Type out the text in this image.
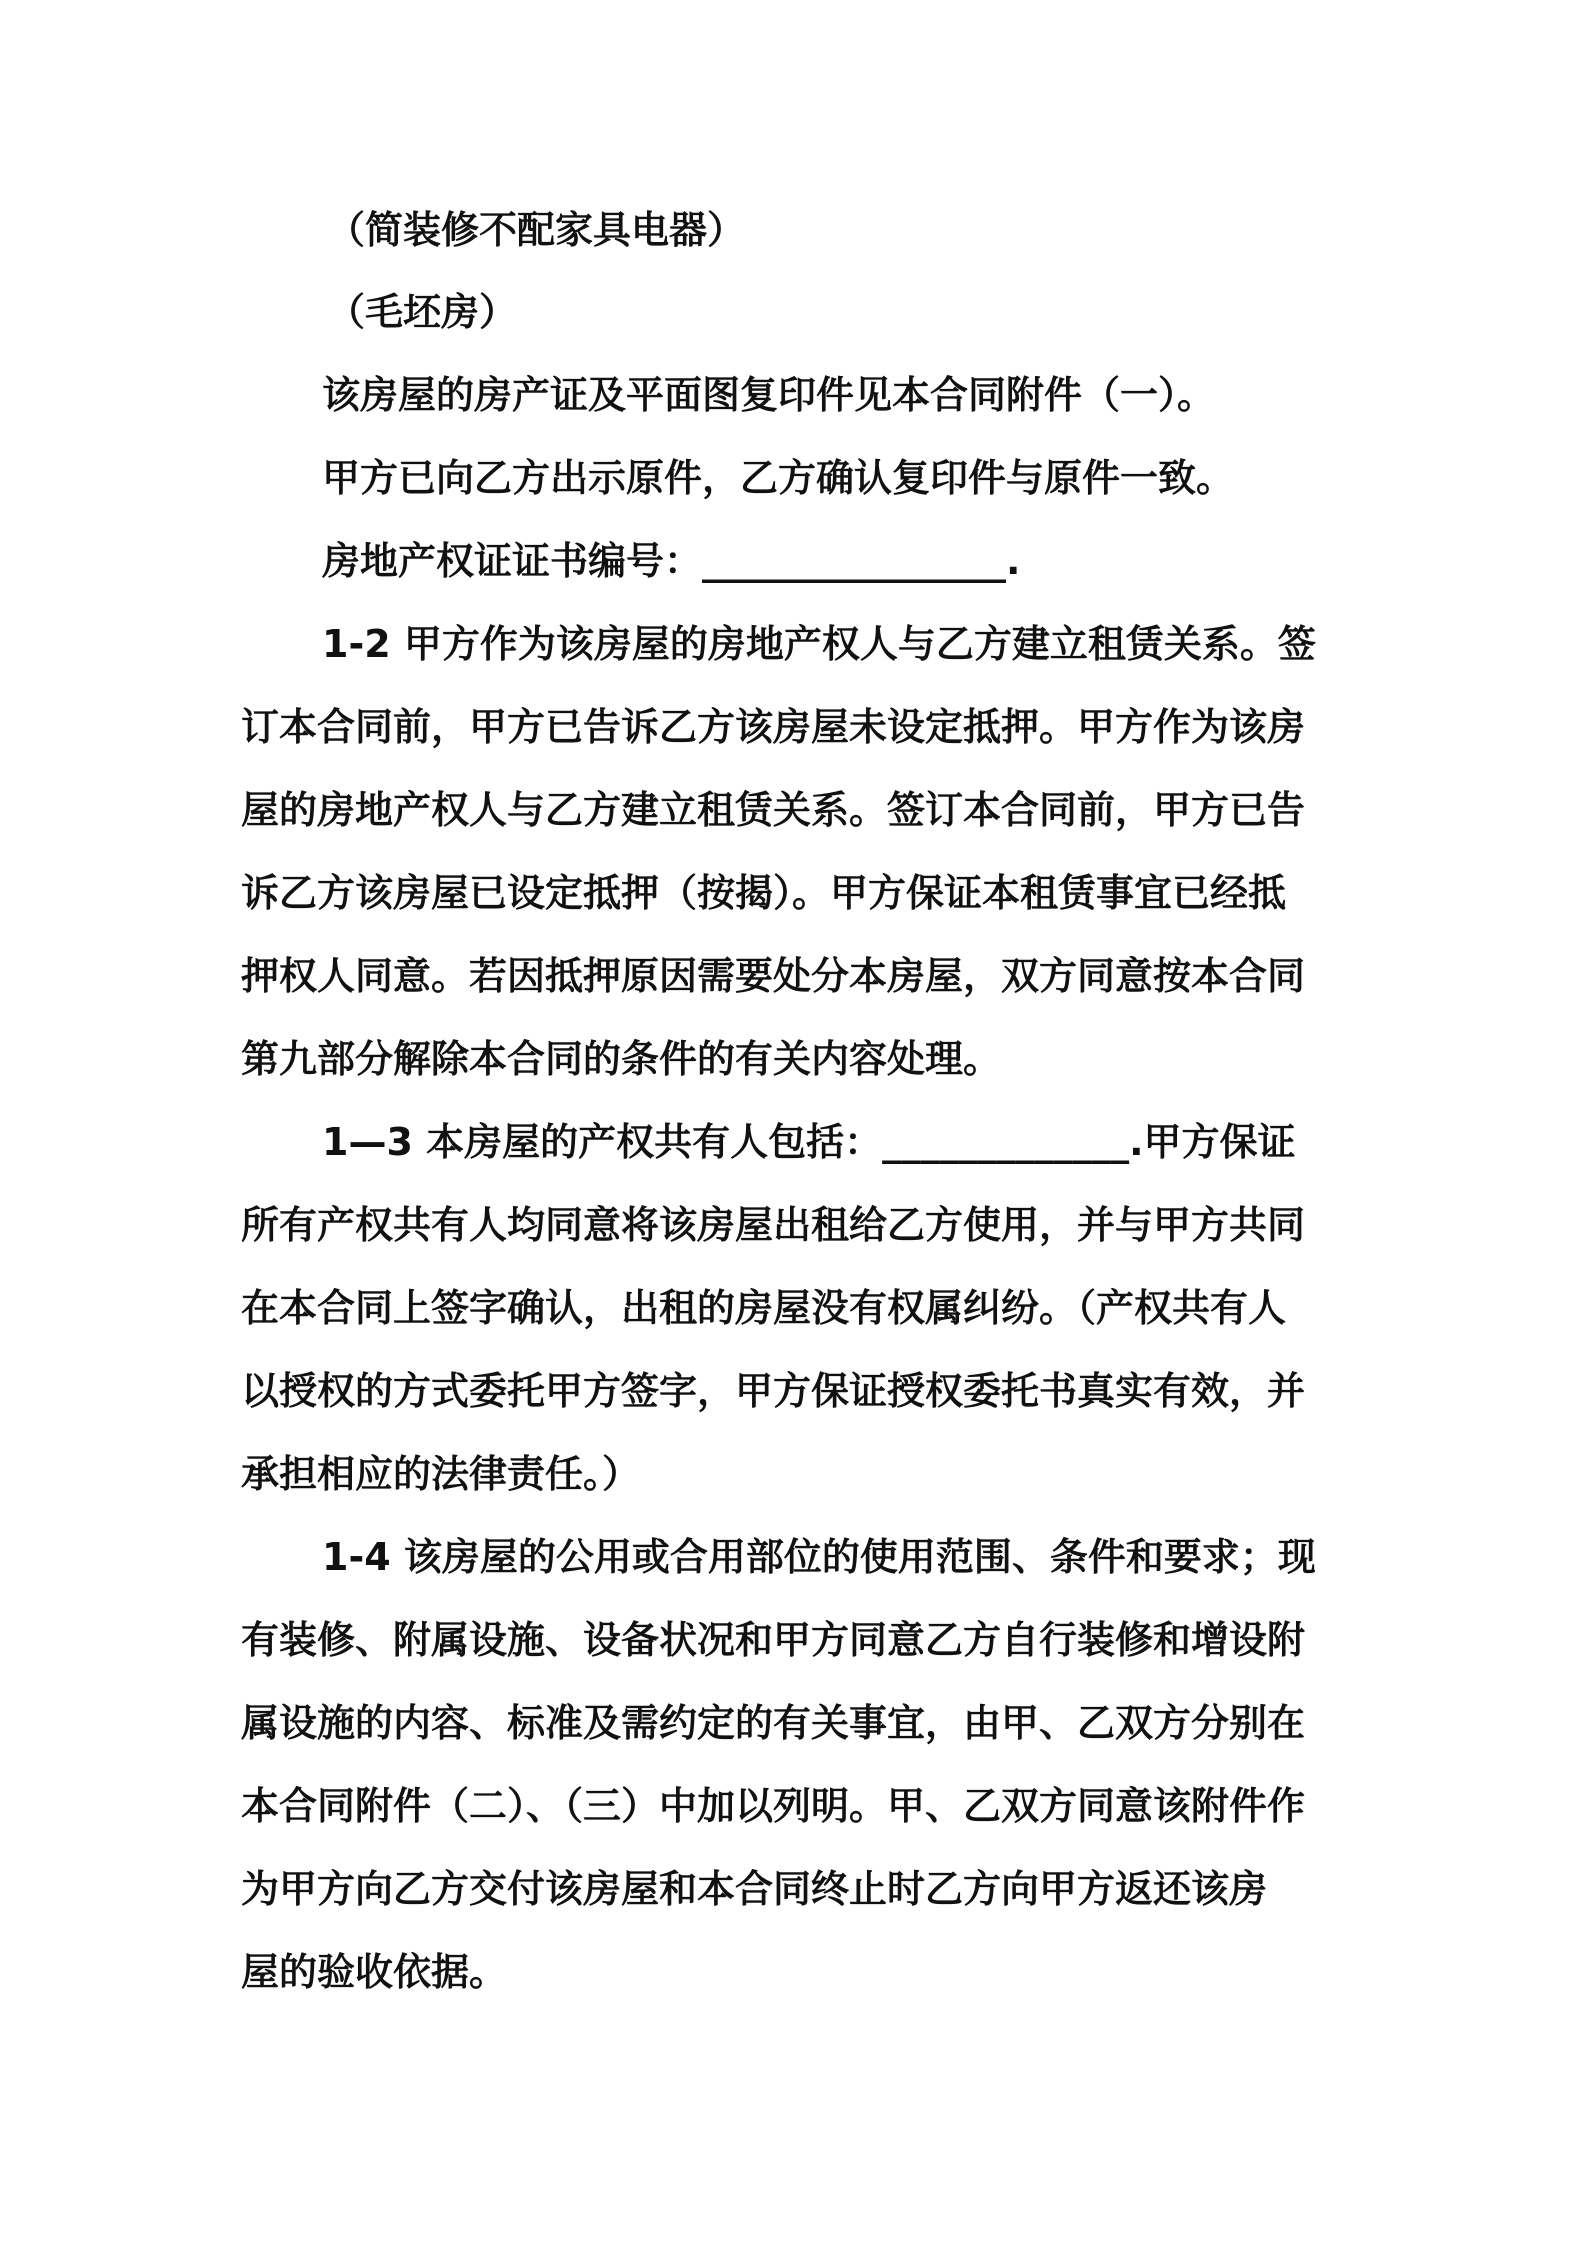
（简装修不配家具电器）
（毛坯房）
该房屋的房产证及平面图复印件见本合同附件（一）。
甲方已向乙方出示原件，乙方确认复印件与原件一致。
房地产权证证书编号：________________.
1-2 甲方作为该房屋的房地产权人与乙方建立租赁关系。签
订本合同前，甲方已告诉乙方该房屋未设定抵押。甲方作为该房
屋的房地产权人与乙方建立租赁关系。签订本合同前，甲方已告
诉乙方该房屋已设定抵押（按揭）。甲方保证本租赁事宜已经抵
押权人同意。若因抵押原因需要处分本房屋，双方同意按本合同
第九部分解除本合同的条件的有关内容处理。
1—3 本房屋的产权共有人包括：_____________.甲方保证
所有产权共有人均同意将该房屋出租给乙方使用，并与甲方共同
在本合同上签字确认，出租的房屋没有权属纠纷。（产权共有人
以授权的方式委托甲方签字，甲方保证授权委托书真实有效，并
承担相应的法律责任。）
1-4 该房屋的公用或合用部位的使用范围、条件和要求；现
有装修、附属设施、设备状况和甲方同意乙方自行装修和增设附
属设施的内容、标准及需约定的有关事宜，由甲、乙双方分别在
本合同附件（二）、（三）中加以列明。甲、乙双方同意该附件作
为甲方向乙方交付该房屋和本合同终止时乙方向甲方返还该房
屋的验收依据。
